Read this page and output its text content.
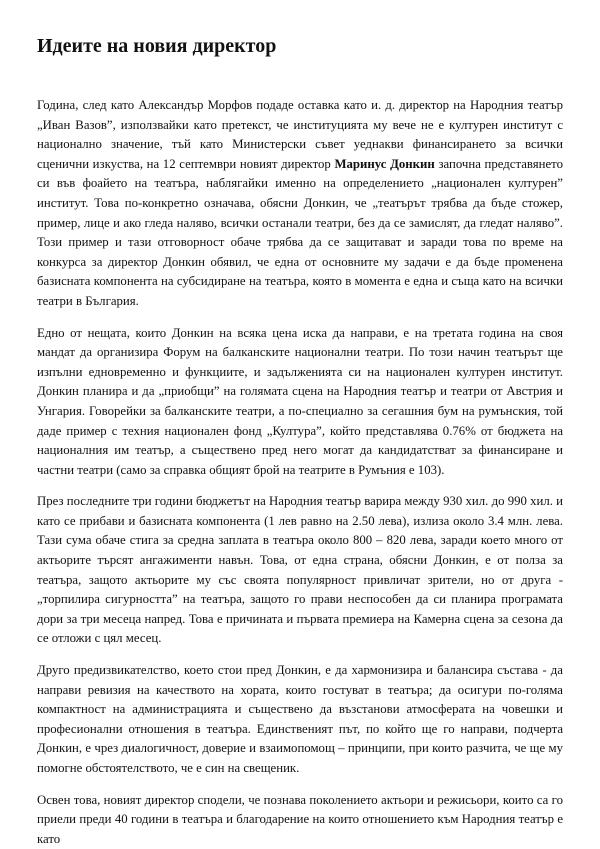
Идеите на новия директор

Година, след като Александър Морфов подаде оставка като и. д. директор на Народния театър „Иван Вазов”, използвайки като претекст, че институцията му вече не е културен институт с национално значение, тъй като Министерски съвет уеднакви финансирането за всички сценични изкуства, на 12 септември новият директор Маринус Донкин започна представянето си във фоайето на театъра, наблягайки именно на определението „национален културен” институт. Това по-конкретно означава, обясни Донкин, че „театърът трябва да бъде стожер, пример, лице и ако гледа наляво, всички останали театри, без да се замислят, да гледат наляво”. Този пример и тази отговорност обаче трябва да се защитават и заради това по време на конкурса за директор Донкин обявил, че една от основните му задачи е да бъде променена базисната компонента на субсидиране на театъра, която в момента е една и съща като на всички театри в България.

Едно от нещата, които Донкин на всяка цена иска да направи, е на третата година на своя мандат да организира Форум на балканските национални театри. По този начин театърът ще изпълни едновременно и функциите, и задълженията си на национален културен институт. Донкин планира и да „приобщи” на голямата сцена на Народния театър и театри от Австрия и Унгария. Говорейки за балканските театри, а по-специално за сегашния бум на румънския, той даде пример с техния национален фонд „Култура”, който представлява 0.76% от бюджета на националния им театър, а съществено пред него могат да кандидатстват за финансиране и частни театри (само за справка общият брой на театрите в Румъния е 103).

През последните три години бюджетът на Народния театър варира между 930 хил. до 990 хил. и като се прибави и базисната компонента (1 лев равно на 2.50 лева), излиза около 3.4 млн. лева. Тази сума обаче стига за средна заплата в театъра около 800 – 820 лева, заради което много от актьорите търсят ангажименти навън. Това, от една страна, обясни Донкин, е от полза за театъра, защото актьорите му със своята популярност привличат зрители, но от друга - „торпилира сигурността” на театъра, защото го прави неспособен да си планира програмата дори за три месеца напред. Това е причината и първата премиера на Камерна сцена за сезона да се отложи с цял месец.

Друго предизвикателство, което стои пред Донкин, е да хармонизира и балансира състава - да направи ревизия на качеството на хората, които гостуват в театъра; да осигури по-голяма компактност на администрацията и съществено да възстанови атмосферата на човешки и професионални отношения в театъра. Единственият път, по който ще го направи, подчерта Донкин, е чрез диалогичност, доверие и взаимопомощ – принципи, при които разчита, че ще му помогне обстоятелството, че е син на свещеник.

Освен това, новият директор сподели, че познава поколението актьори и режисьори, които са го приели преди 40 години в театъра и благодарение на които отношението към Народния театър е като
